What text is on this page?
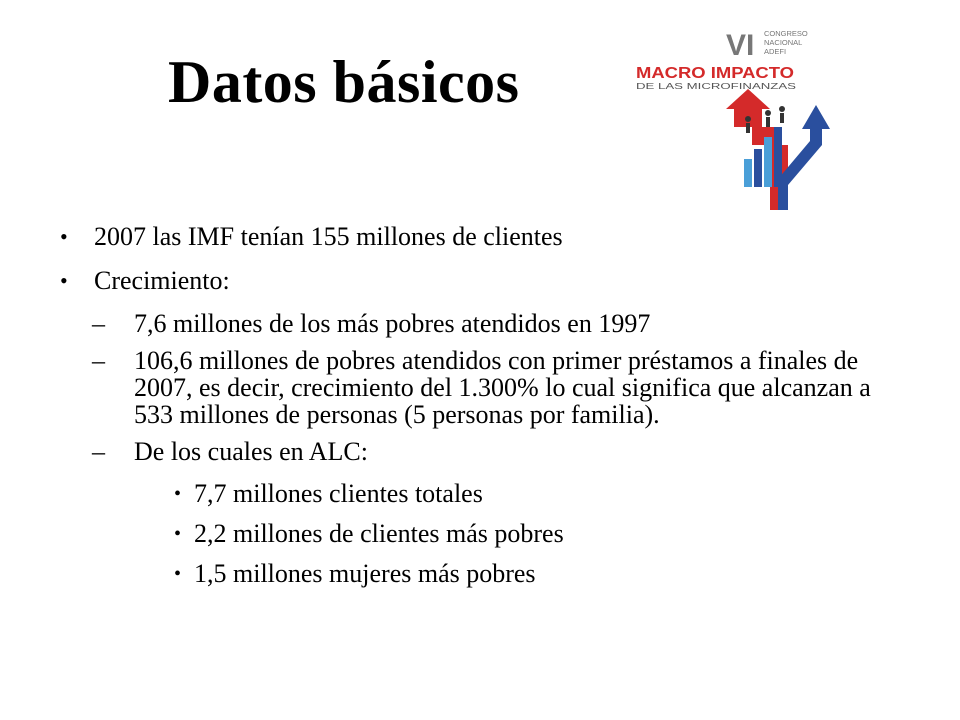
Datos básicos
VI CONGRESO
NACIONAL
ADEFI
MACRO IMPACTO
DE LAS MICROFINANZAS
• 2007 las IMF tenían 155 millones de clientes
• Crecimiento:
– 7,6 millones de los más pobres atendidos en 1997
– 106,6 millones de pobres atendidos con primer préstamos a finales de 2007, es decir, crecimiento del 1.300% lo cual significa que alcanzan a 533 millones de personas (5 personas por familia).
– De los cuales en ALC:
• 7,7 millones clientes totales
• 2,2 millones de clientes más pobres
• 1,5 millones mujeres más pobres
